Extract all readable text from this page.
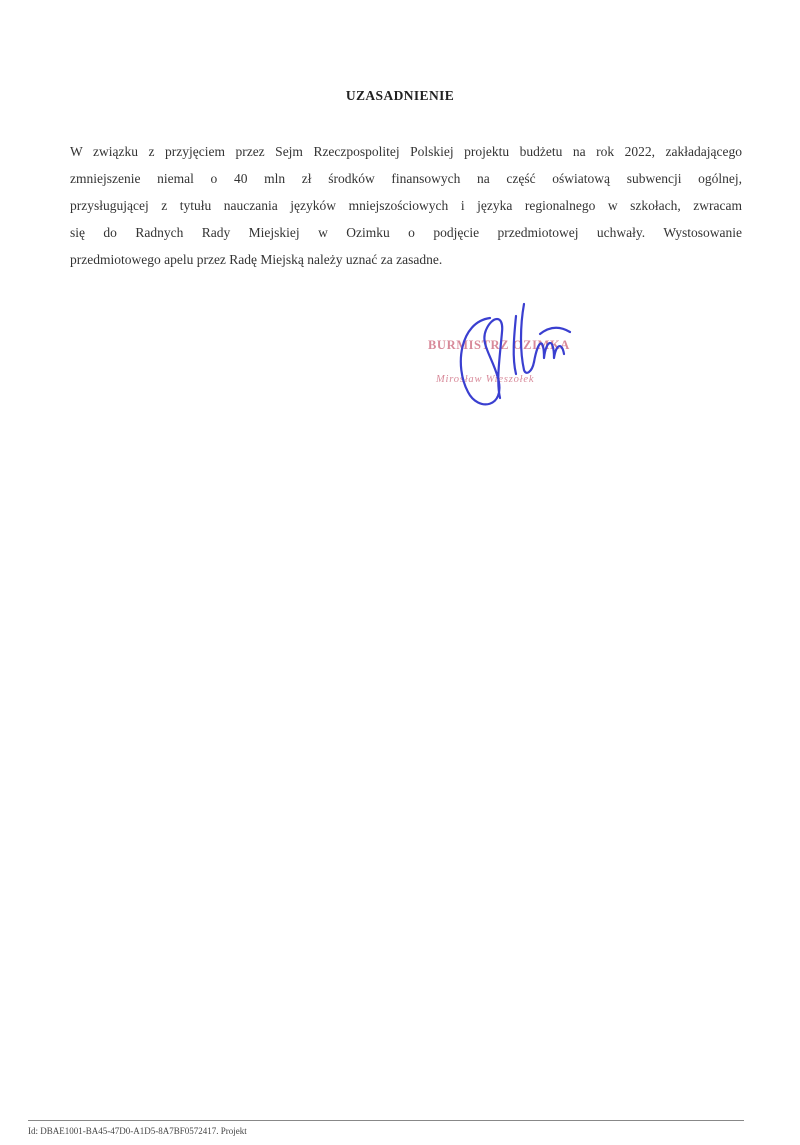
UZASADNIENIE
W związku z przyjęciem przez Sejm Rzeczpospolitej Polskiej projektu budżetu na rok 2022, zakładającego
zmniejszenie niemal o 40 mln zł środków finansowych na część oświatową subwencji ogólnej,
przysługującej z tytułu nauczania języków mniejszościowych i języka regionalnego w szkołach, zwracam
się do Radnych Rady Miejskiej w Ozimku o podjęcie przedmiotowej uchwały. Wystosowanie
przedmiotowego apelu przez Radę Miejską należy uznać za zasadne.
BURMISTRZ OZIMKA
Mirosław Wieszołek
Id: DBAE1001-BA45-47D0-A1D5-8A7BF0572417. Projekt
